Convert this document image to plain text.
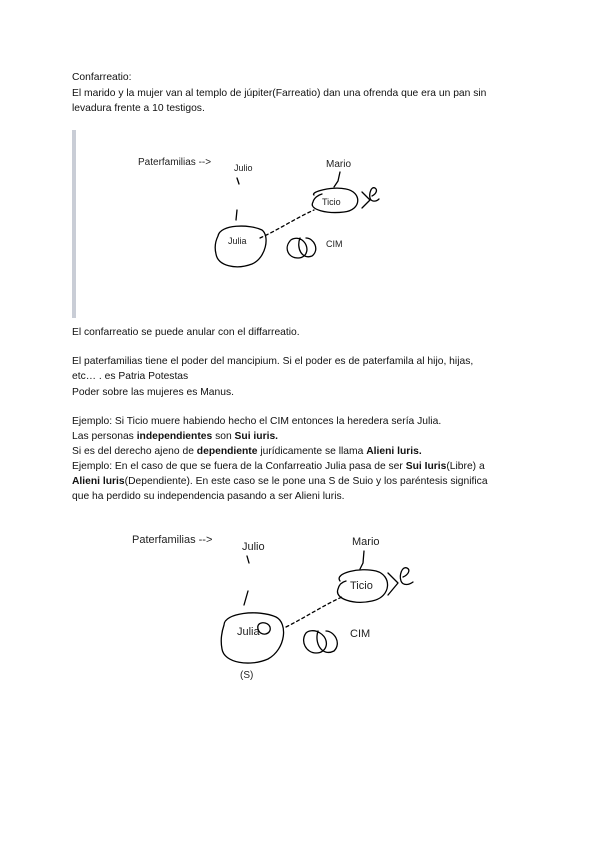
Confarreatio:

El marido y la mujer van al templo de júpiter(Farreatio) dan una ofrenda que era un pan sin

levadura frente a 10 testigos.

Paterfamilias -->	Julio	Mario
Ticio
Julia	CIM

El confarreatio se puede anular con el diffarreatio.

El paterfamilias tiene el poder del mancipium. Si el poder es de paterfamila al hijo, hijas,

etc… . es Patria Potestas

Poder sobre las mujeres es Manus.

Ejemplo: Si Ticio muere habiendo hecho el CIM entonces la heredera sería Julia.

Las personas independientes son Sui iuris.

Si es del derecho ajeno de dependiente jurídicamente se llama Alieni luris.

Ejemplo: En el caso de que se fuera de la Confarreatio Julia pasa de ser Sui Iuris(Libre) a

Alieni luris(Dependiente). En este caso se le pone una S de Suio y los paréntesis significa

que ha perdido su independencia pasando a ser Alieni luris.

Paterfamilias -->
Julio	Mario
Ticio
Julia	CIM
(S)
